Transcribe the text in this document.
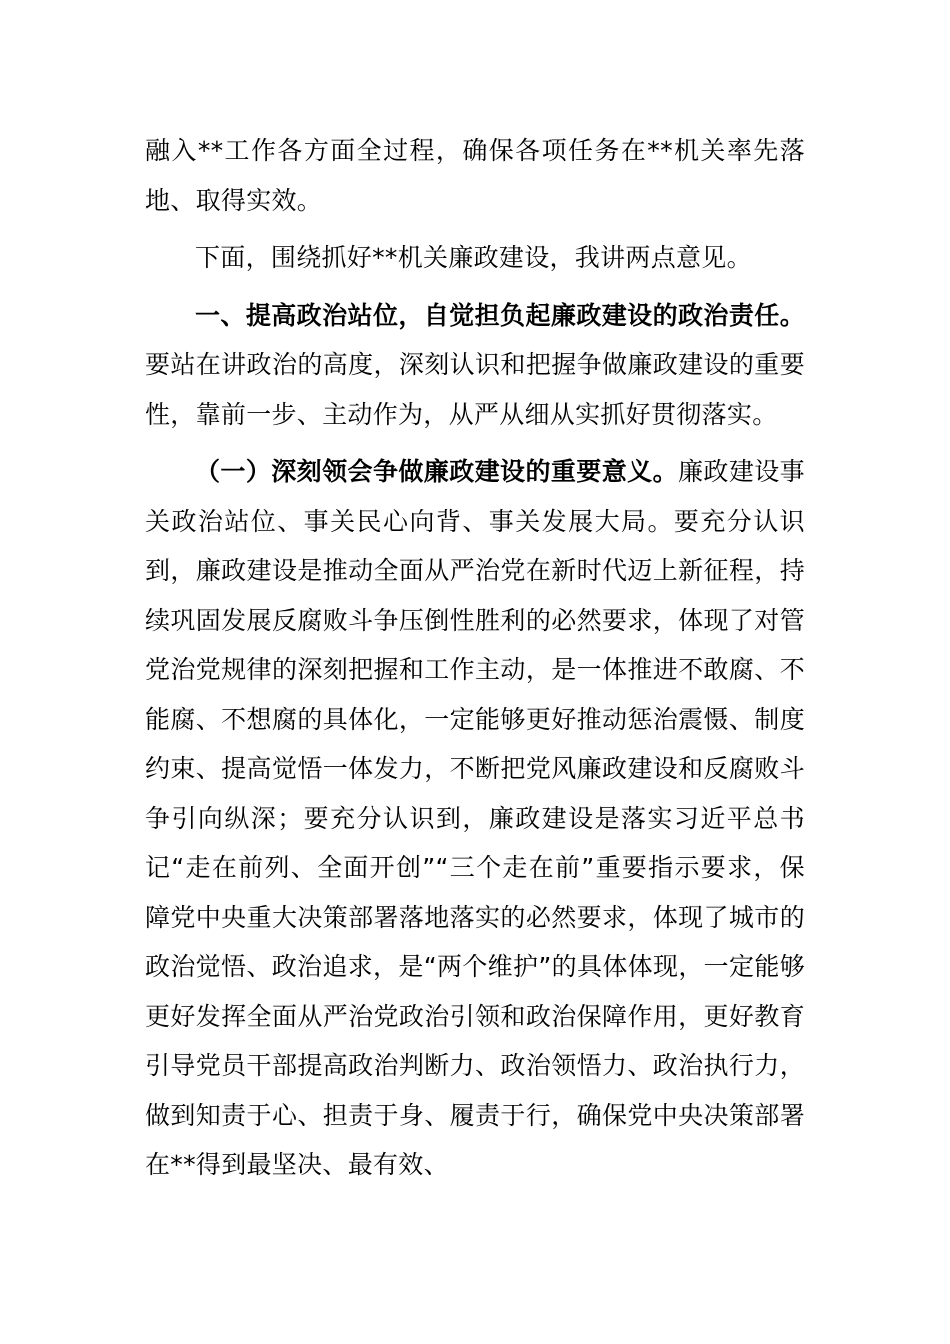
融入**工作各方面全过程，确保各项任务在**机关率先落地、取得实效。

下面，围绕抓好**机关廉政建设，我讲两点意见。

一、提高政治站位，自觉担负起廉政建设的政治责任。要站在讲政治的高度，深刻认识和把握争做廉政建设的重要性，靠前一步、主动作为，从严从细从实抓好贯彻落实。

（一）深刻领会争做廉政建设的重要意义。廉政建设事关政治站位、事关民心向背、事关发展大局。要充分认识到，廉政建设是推动全面从严治党在新时代迈上新征程，持续巩固发展反腐败斗争压倒性胜利的必然要求，体现了对管党治党规律的深刻把握和工作主动，是一体推进不敢腐、不能腐、不想腐的具体化，一定能够更好推动惩治震慑、制度约束、提高觉悟一体发力，不断把党风廉政建设和反腐败斗争引向纵深；要充分认识到，廉政建设是落实习近平总书记“走在前列、全面开创”“三个走在前”重要指示要求，保障党中央重大决策部署落地落实的必然要求，体现了城市的政治觉悟、政治追求，是“两个维护”的具体体现，一定能够更好发挥全面从严治党政治引领和政治保障作用，更好教育引导党员干部提高政治判断力、政治领悟力、政治执行力，做到知责于心、担责于身、履责于行，确保党中央决策部署在**得到最坚决、最有效、
